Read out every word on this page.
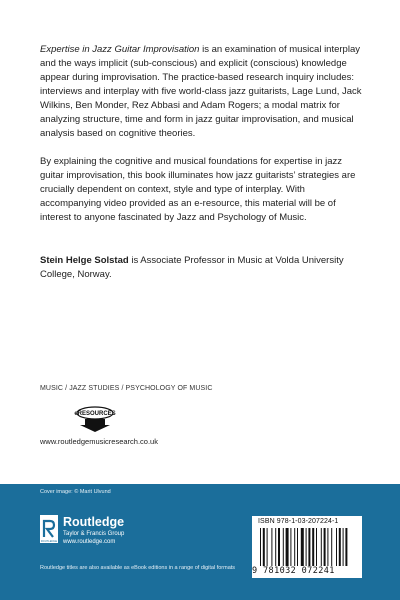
Expertise in Jazz Guitar Improvisation is an examination of musical interplay and the ways implicit (sub-conscious) and explicit (conscious) knowledge appear during improvisation. The practice-based research inquiry includes: interviews and interplay with five world-class jazz guitarists, Lage Lund, Jack Wilkins, Ben Monder, Rez Abbasi and Adam Rogers; a modal matrix for analyzing structure, time and form in jazz guitar improvisation, and musical analysis based on cognitive theories.

By explaining the cognitive and musical foundations for expertise in jazz guitar improvisation, this book illuminates how jazz guitarists’ strategies are crucially dependent on context, style and type of interplay. With accompanying video provided as an e-resource, this material will be of interest to anyone fascinated by Jazz and Psychology of Music.

Stein Helge Solstad is Associate Professor in Music at Volda University College, Norway.

MUSIC / JAZZ STUDIES / PSYCHOLOGY OF MUSIC
eRESOURCES
www.routledgemusicresearch.co.uk
Cover image: © Marit Ulvund
ROUTLEDGE
Routledge
Taylor & Francis Group
www.routledge.com
Routledge titles are also available as eBook editions in a range of digital formats
ISBN 978-1-03-207224-1
9 781032 072241
